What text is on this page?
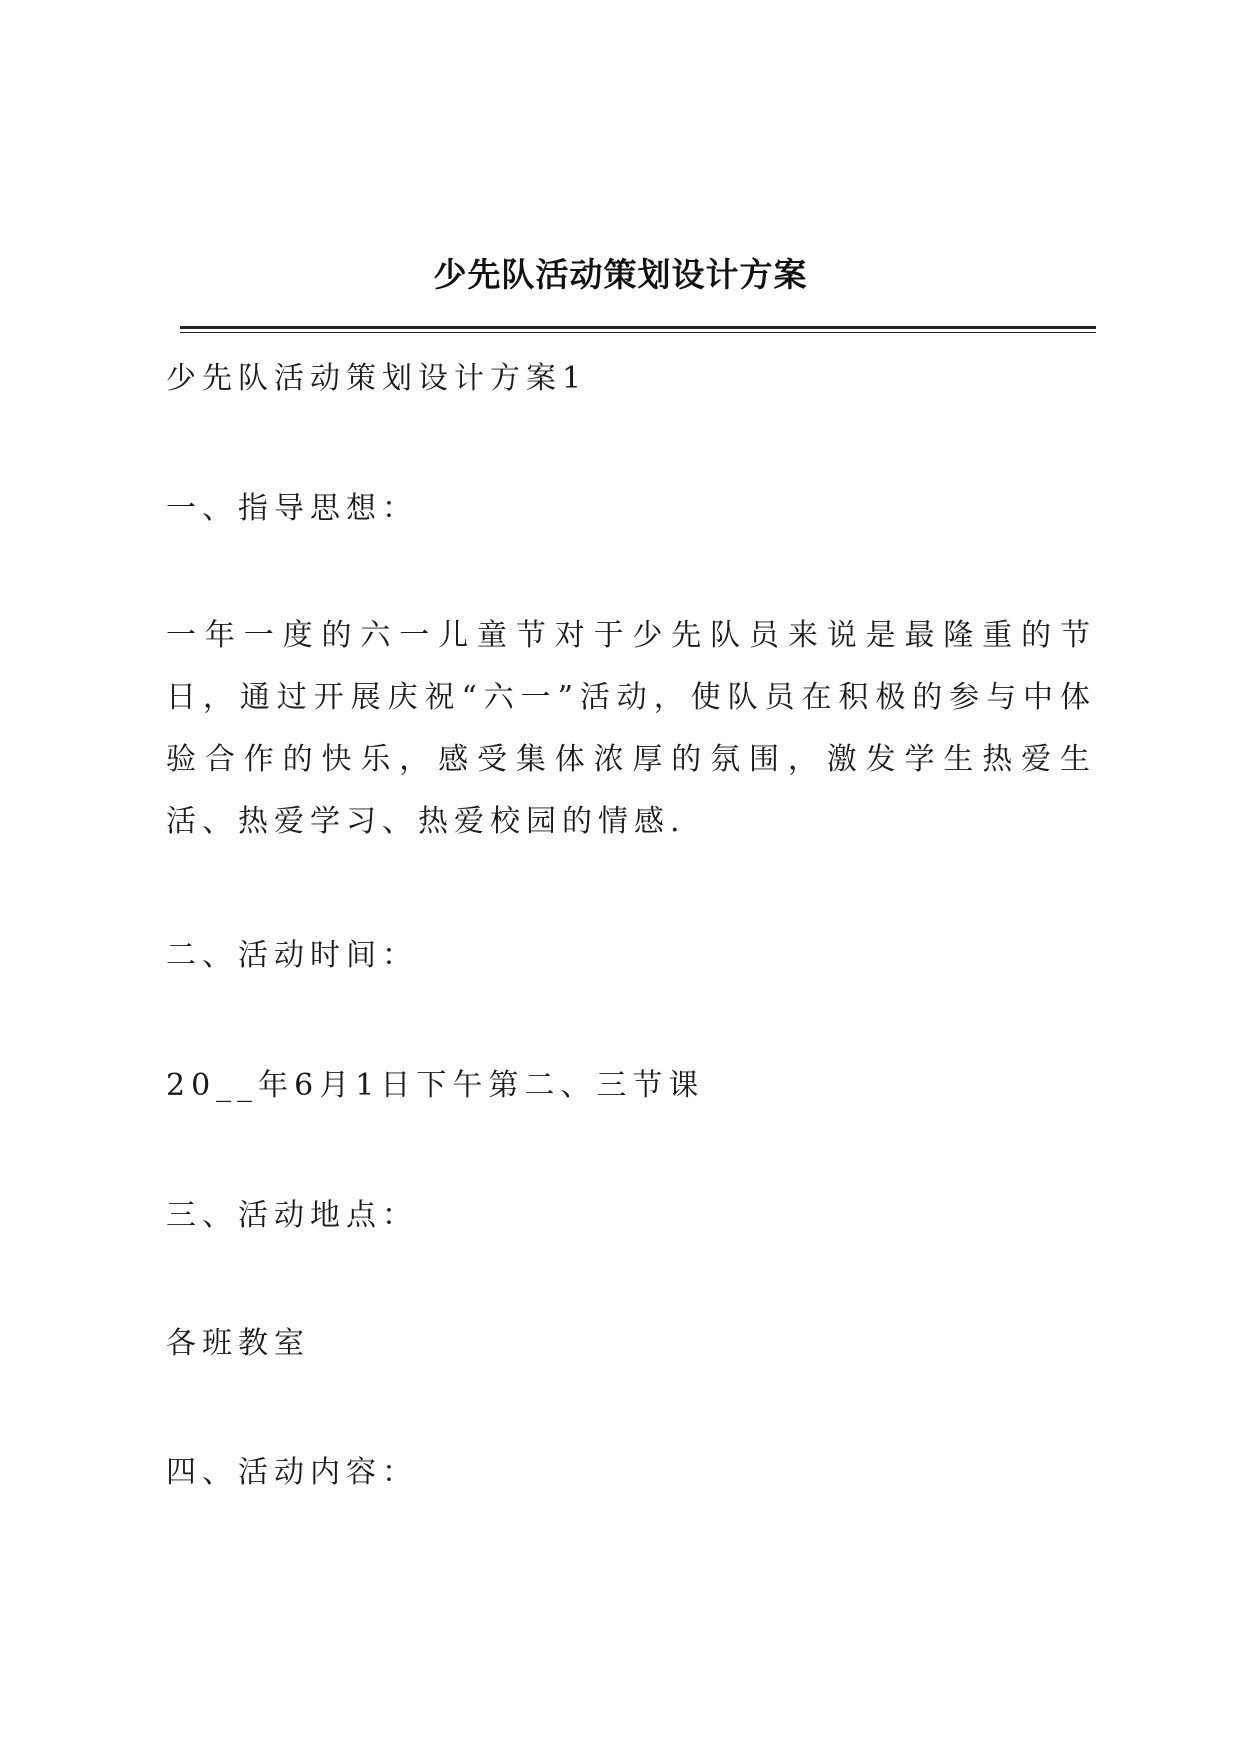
少先队活动策划设计方案

少先队活动策划设计方案1

一、指导思想：

一年一度的六一儿童节对于少先队员来说是最隆重的节日，通过开展庆祝“六一”活动，使队员在积极的参与中体验合作的快乐，感受集体浓厚的氛围，激发学生热爱生活、热爱学习、热爱校园的情感.

二、活动时间：

20__年6月1日下午第二、三节课

三、活动地点：

各班教室

四、活动内容：
